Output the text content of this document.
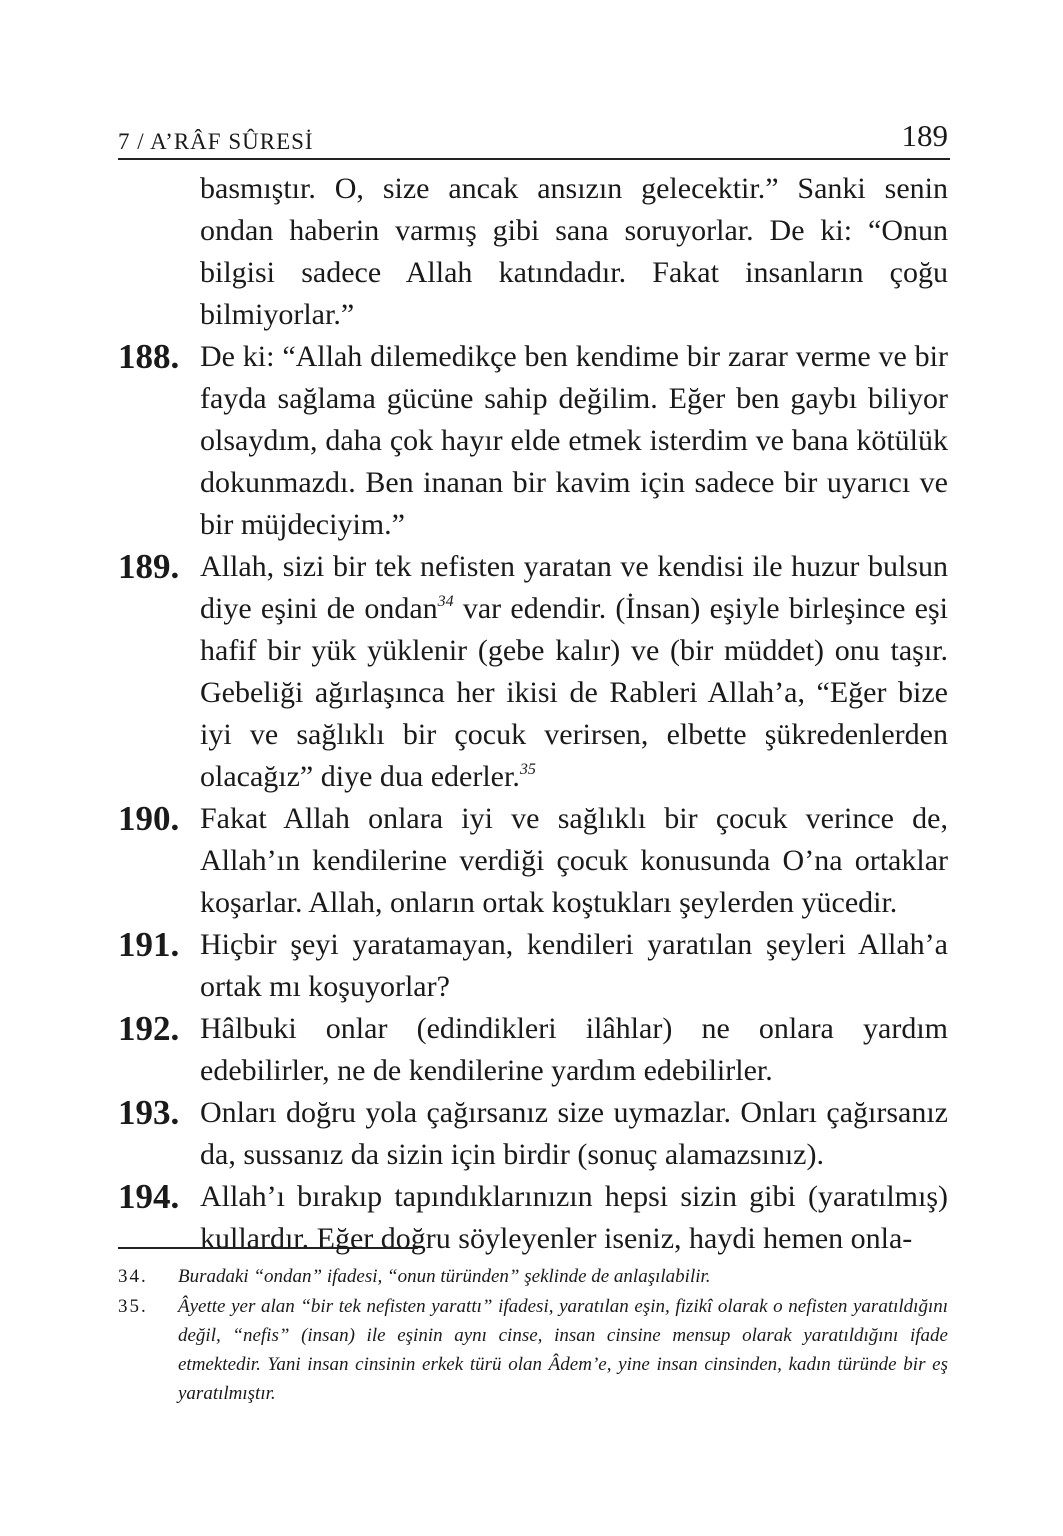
7 / A’RÂF SÛRESİ	189
basmıştır. O, size ancak ansızın gelecektir.” Sanki senin ondan haberin varmış gibi sana soruyorlar. De ki: “Onun bilgisi sadece Allah katındadır. Fakat insanların çoğu bilmiyorlar.”
188. De ki: “Allah dilemedikçe ben kendime bir zarar verme ve bir fayda sağlama gücüne sahip değilim. Eğer ben gaybı biliyor olsaydım, daha çok hayır elde etmek isterdim ve bana kötülük dokunmazdı. Ben inanan bir kavim için sadece bir uyarıcı ve bir müjdeciyim.”
189. Allah, sizi bir tek nefisten yaratan ve kendisi ile huzur bulsun diye eşini de ondan$^{34}$ var edendir. (İnsan) eşiyle birleşince eşi hafif bir yük yüklenir (gebe kalır) ve (bir müddet) onu taşır. Gebeliği ağırlaşınca her ikisi de Rableri Allah’a, “Eğer bize iyi ve sağlıklı bir çocuk verirsen, elbette şükredenlerden olacağız” diye dua ederler.$^{35}$
190. Fakat Allah onlara iyi ve sağlıklı bir çocuk verince de, Allah’ın kendilerine verdiği çocuk konusunda O’na ortaklar koşarlar. Allah, onların ortak koştukları şeylerden yücedir.
191. Hiçbir şeyi yaratamayan, kendileri yaratılan şeyleri Allah’a ortak mı koşuyorlar?
192. Hâlbuki onlar (edindikleri ilâhlar) ne onlara yardım edebilirler, ne de kendilerine yardım edebilirler.
193. Onları doğru yola çağırsanız size uymazlar. Onları çağırsanız da, sussanız da sizin için birdir (sonuç alamazsınız).
194. Allah’ı bırakıp tapındıklarınızın hepsi sizin gibi (yaratılmış) kullardır. Eğer doğru söyleyenler iseniz, haydi hemen onla-
34. Buradaki “ondan” ifadesi, “onun türünden” şeklinde de anlaşılabilir.
35. Âyette yer alan “bir tek nefisten yarattı” ifadesi, yaratılan eşin, fizikî olarak o nefisten yaratıldığını değil, “nefis” (insan) ile eşinin aynı cinse, insan cinsine mensup olarak yaratıldığını ifade etmektedir. Yani insan cinsinin erkek türü olan Âdem’e, yine insan cinsinden, kadın türünde bir eş yaratılmıştır.
